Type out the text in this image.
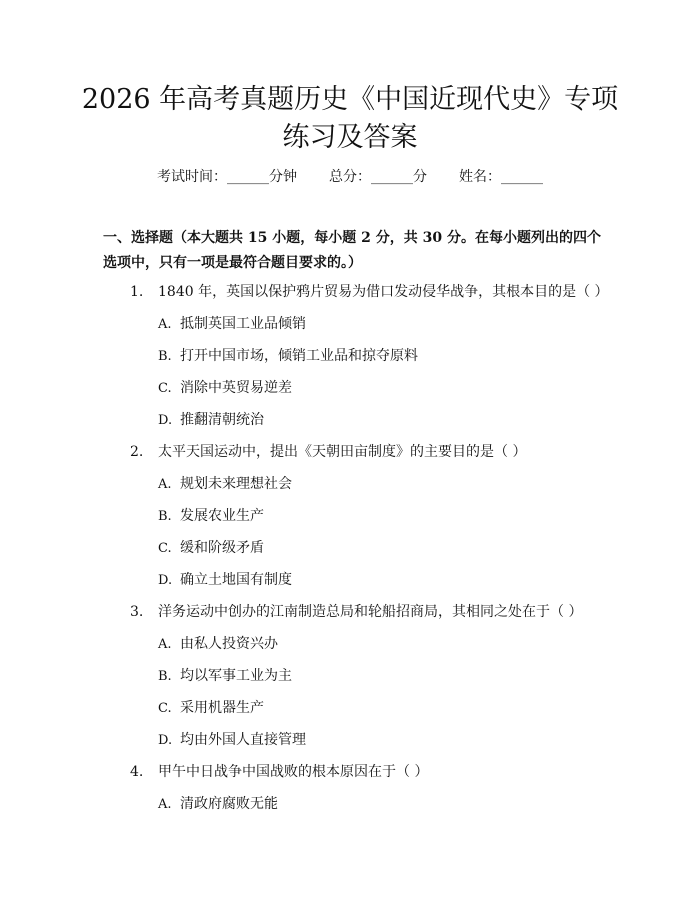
2026 年高考真题历史《中国近现代史》专项
练习及答案
考试时间：______分钟 总分：______分 姓名：______
一、选择题（本大题共 15 小题，每小题 2 分，共 30 分。在每小题列出的四个选项中，只有一项是最符合题目要求的。）
1. 1840 年，英国以保护鸦片贸易为借口发动侵华战争，其根本目的是（ ）
A. 抵制英国工业品倾销
B. 打开中国市场，倾销工业品和掠夺原料
C. 消除中英贸易逆差
D. 推翻清朝统治
2. 太平天国运动中，提出《天朝田亩制度》的主要目的是（ ）
A. 规划未来理想社会
B. 发展农业生产
C. 缓和阶级矛盾
D. 确立土地国有制度
3. 洋务运动中创办的江南制造总局和轮船招商局，其相同之处在于（ ）
A. 由私人投资兴办
B. 均以军事工业为主
C. 采用机器生产
D. 均由外国人直接管理
4. 甲午中日战争中国战败的根本原因在于（ ）
A. 清政府腐败无能
